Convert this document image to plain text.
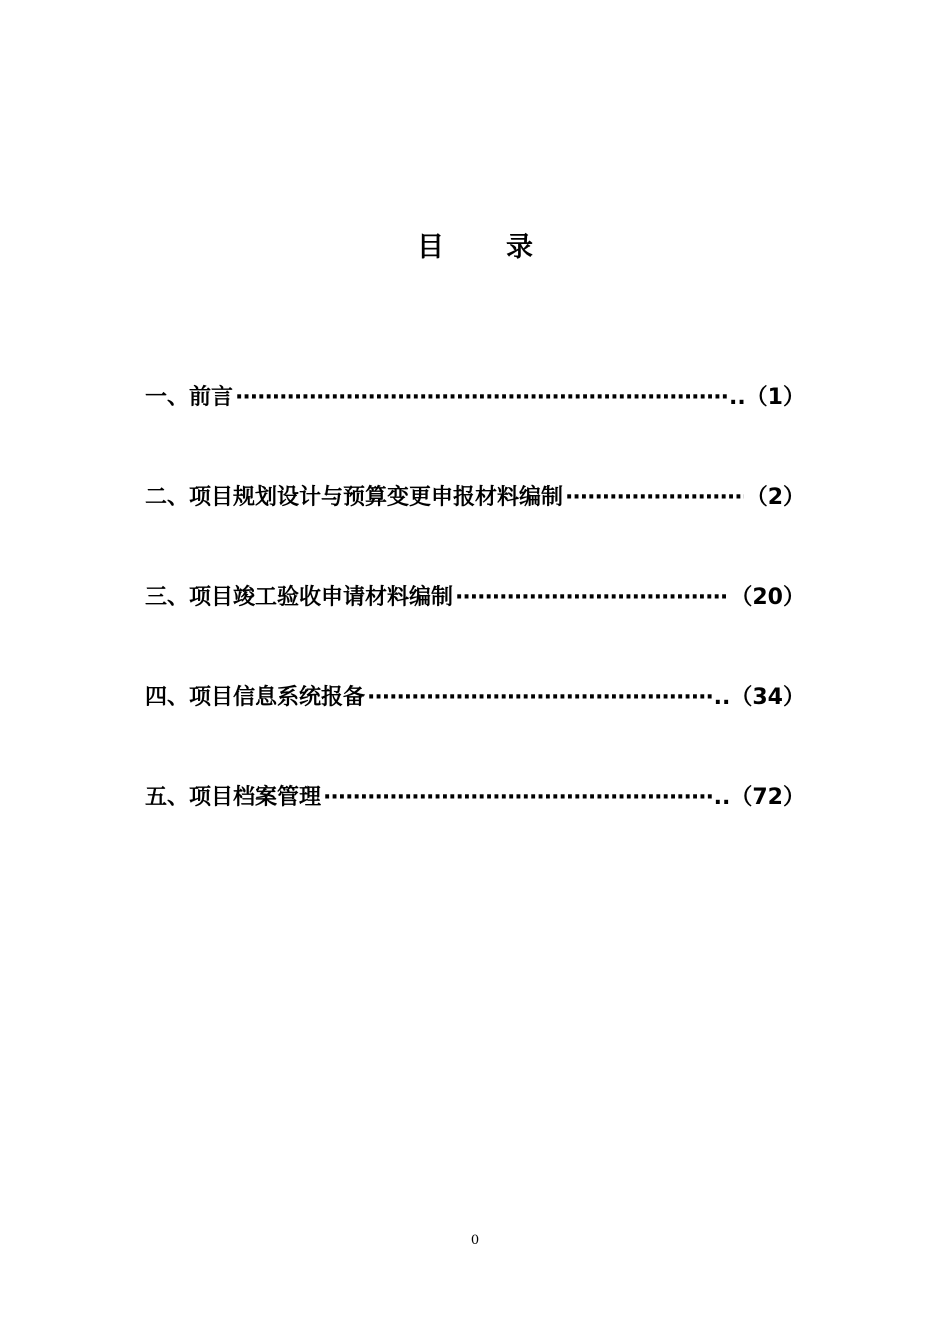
目 录
一、前言 ·····	..（1）
二、项目规划设计与预算变更申报材料编制 ·····	（2）
三、项目竣工验收申请材料编制 ·····	（20）
四、项目信息系统报备 ·····	..（34）
五、项目档案管理 ·····	..（72）
0
